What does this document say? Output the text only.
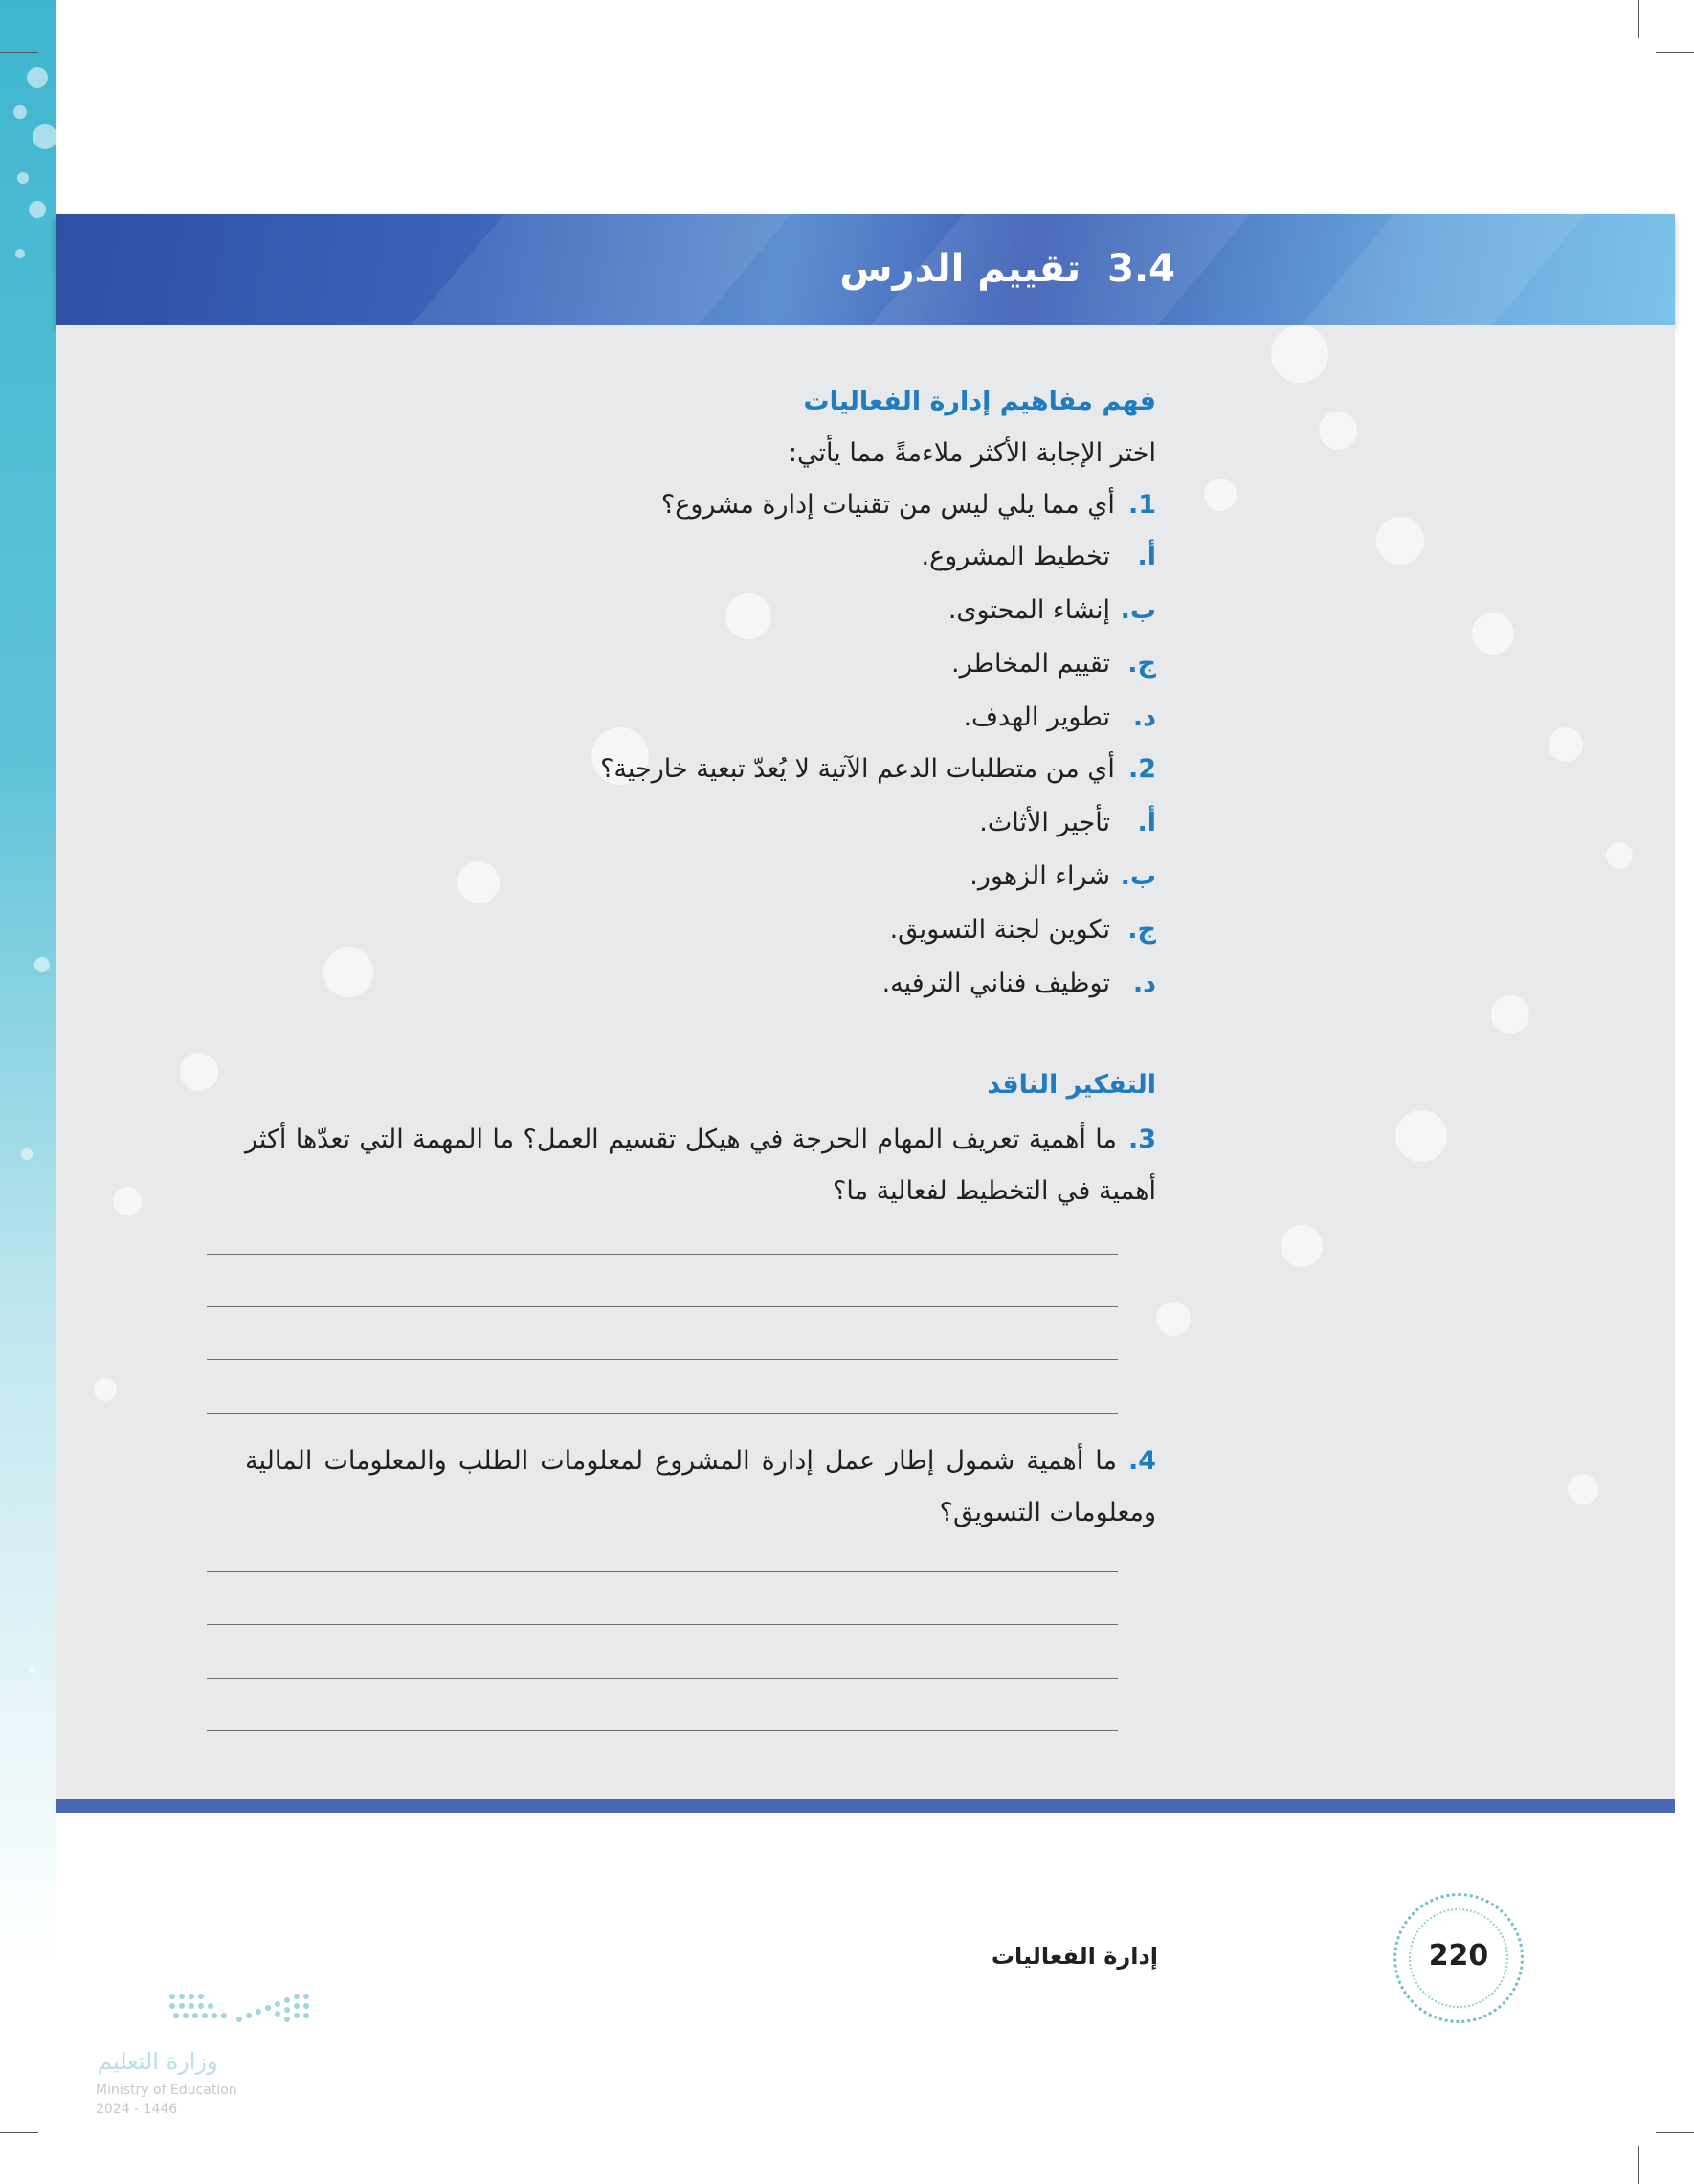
3.4تقييم الدرس
فهم مفاهيم إدارة الفعاليات
اختر الإجابة الأكثر ملاءمةً مما يأتي:
1.أي مما يلي ليس من تقنيات إدارة مشروع؟
أ.تخطيط المشروع.
ب.إنشاء المحتوى.
ج.تقييم المخاطر.
د.تطوير الهدف.
2.أي من متطلبات الدعم الآتية لا يُعدّ تبعية خارجية؟
أ.تأجير الأثاث.
ب.شراء الزهور.
ج.تكوين لجنة التسويق.
د.توظيف فناني الترفيه.
التفكير الناقد
3.ما أهمية تعريف المهام الحرجة في هيكل تقسيم العمل؟ ما المهمة التي تعدّها أكثر أهمية في التخطيط لفعالية ما؟
4.ما أهمية شمول إطار عمل إدارة المشروع لمعلومات الطلب والمعلومات المالية ومعلومات التسويق؟
220
إدارة الفعاليات
وزارة التعليم
Ministry of Education
2024 - 1446
